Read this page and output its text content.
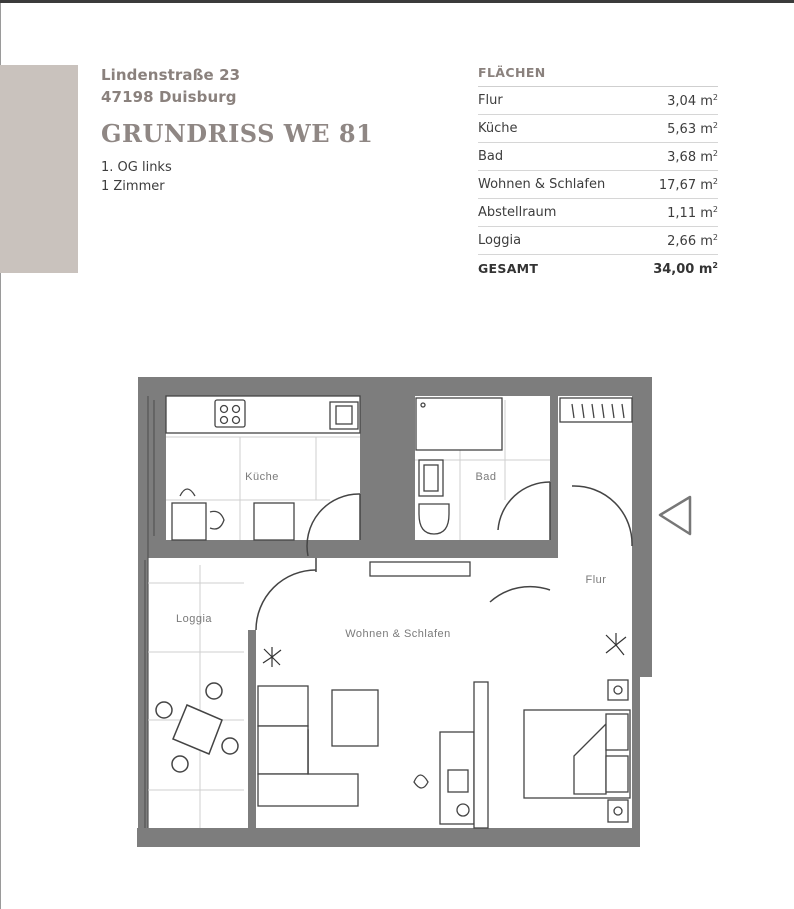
Lindenstraße 23
47198 Duisburg
GRUNDRISS WE 81
1. OG links
1 Zimmer
FLÄCHEN
Flur	3,04 $m^2$
Küche	5,63 $m^2$
Bad	3,68 $m^2$
Wohnen & Schlafen	17,67 $m^2$
Abstellraum	1,11 $m^2$
Loggia	2,66 $m^2$
GESAMT	34,00 $m^2$
Küche	Bad
Flur
Loggia
Wohnen & Schlafen
